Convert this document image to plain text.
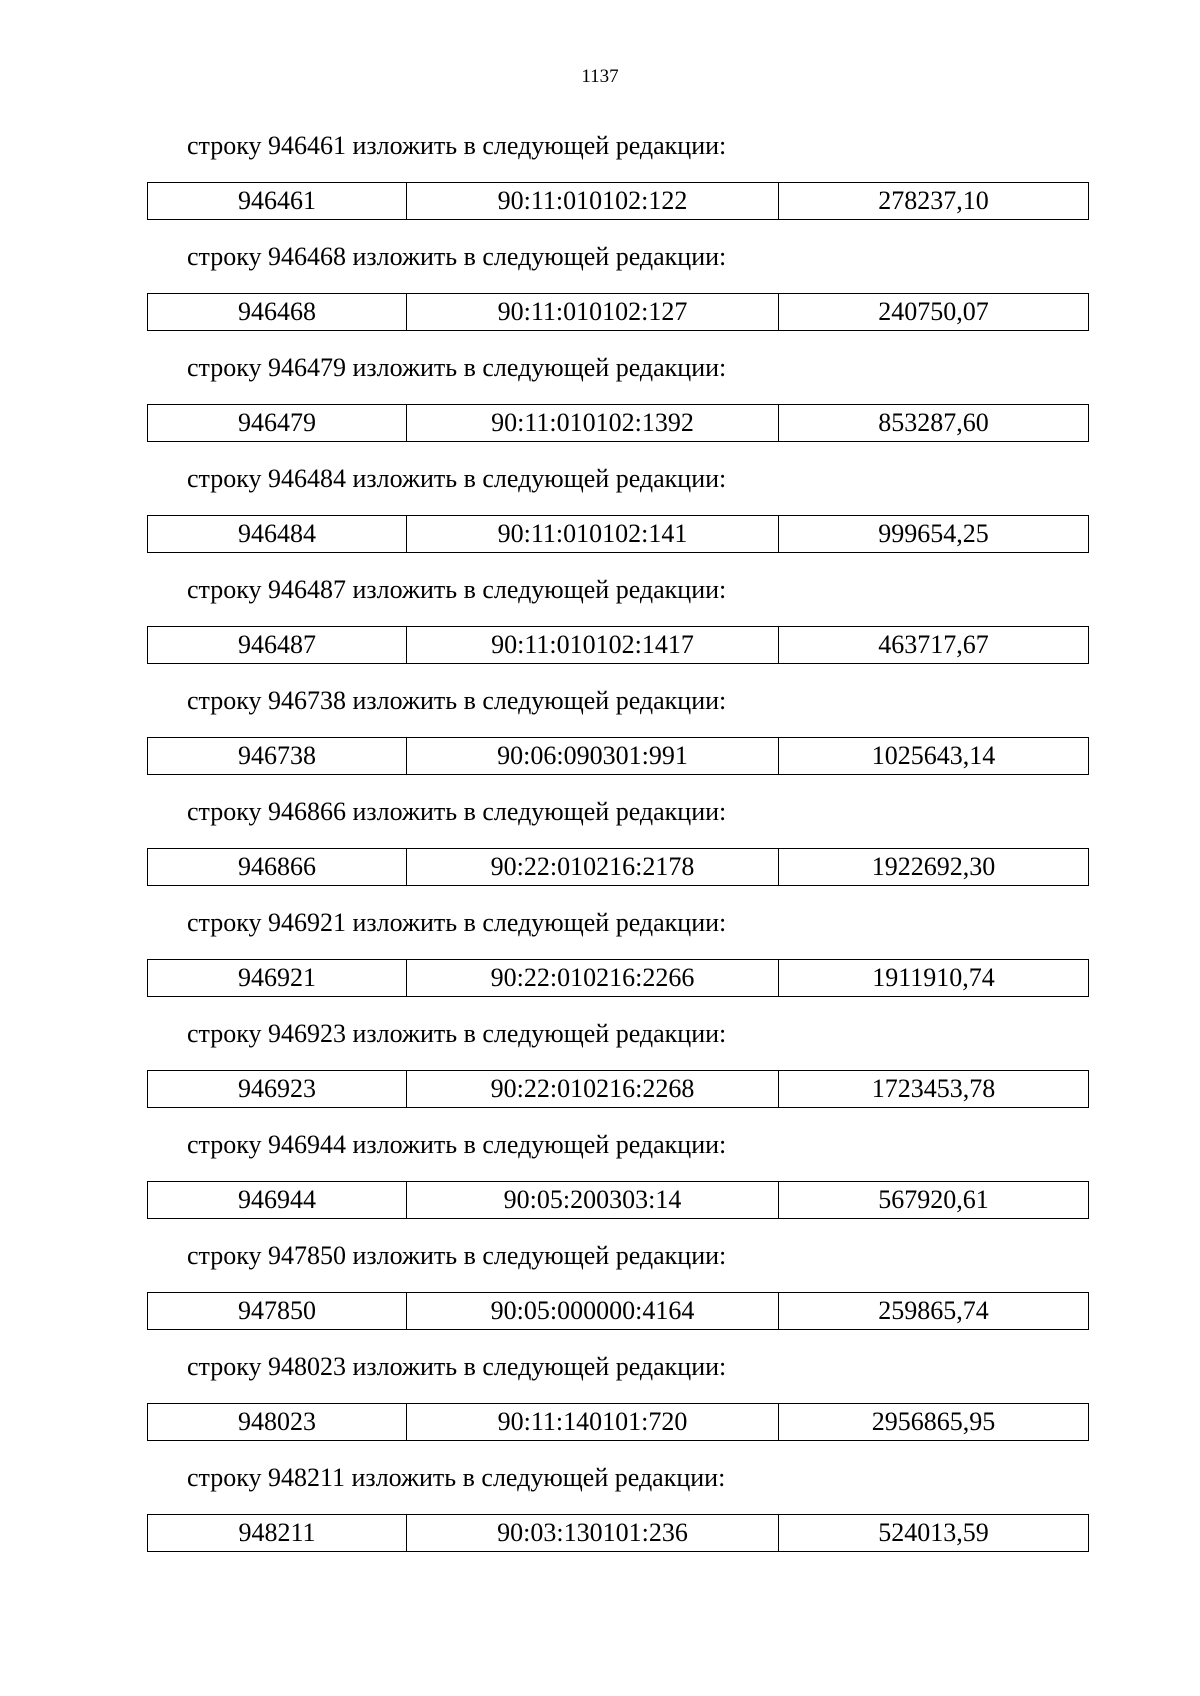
1137
строку 946461 изложить в следующей редакции:
946461	90:11:010102:122	278237,10
строку 946468 изложить в следующей редакции:
946468	90:11:010102:127	240750,07
строку 946479 изложить в следующей редакции:
946479	90:11:010102:1392	853287,60
строку 946484 изложить в следующей редакции:
946484	90:11:010102:141	999654,25
строку 946487 изложить в следующей редакции:
946487	90:11:010102:1417	463717,67
строку 946738 изложить в следующей редакции:
946738	90:06:090301:991	1025643,14
строку 946866 изложить в следующей редакции:
946866	90:22:010216:2178	1922692,30
строку 946921 изложить в следующей редакции:
946921	90:22:010216:2266	1911910,74
строку 946923 изложить в следующей редакции:
946923	90:22:010216:2268	1723453,78
строку 946944 изложить в следующей редакции:
946944	90:05:200303:14	567920,61
строку 947850 изложить в следующей редакции:
947850	90:05:000000:4164	259865,74
строку 948023 изложить в следующей редакции:
948023	90:11:140101:720	2956865,95
строку 948211 изложить в следующей редакции:
948211	90:03:130101:236	524013,59
